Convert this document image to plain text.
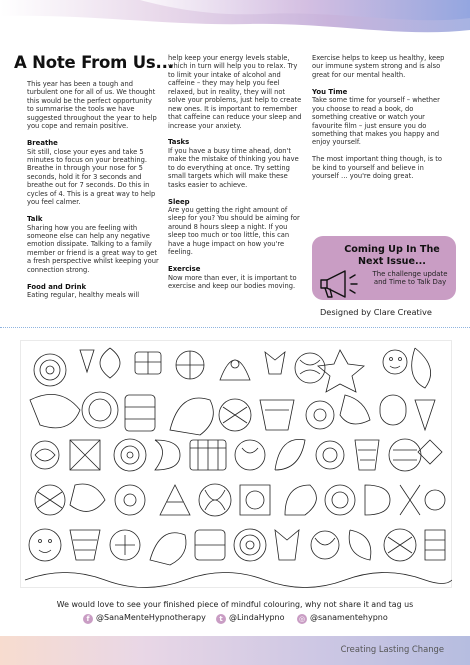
A Note From Us...

This year has been a tough and turbulent one for all of us. We thought this would be the perfect opportunity to summarise the tools we have suggested throughout the year to help you cope and remain positive.

Breathe

Sit still, close your eyes and take 5 minutes to focus on your breathing. Breathe in through your nose for 5 seconds, hold it for 3 seconds and breathe out for 7 seconds. Do this in cycles of 4. This is a great way to help you feel calmer.

Talk

Sharing how you are feeling with someone else can help any negative emotion dissipate. Talking to a family member or friend is a great way to get a fresh perspective whilst keeping your connection strong.

Food and Drink

Eating regular, healthy meals will

help keep your energy levels stable, which in turn will help you to relax. Try to limit your intake of alcohol and caffeine – they may help you feel relaxed, but in reality, they will not solve your problems, just help to create new ones. It is important to remember that caffeine can reduce your sleep and increase your anxiety.

Tasks

If you have a busy time ahead, don't make the mistake of thinking you have to do everything at once. Try setting small targets which will make these tasks easier to achieve.

Sleep

Are you getting the right amount of sleep for you? You should be aiming for around 8 hours sleep a night. If you sleep too much or too little, this can have a huge impact on how you're feeling.

Exercise

Now more than ever, it is important to exercise and keep our bodies moving.

Exercise helps to keep us healthy, keep our immune system strong and is also great for our mental health.

You Time

Take some time for yourself – whether you choose to read a book, do something creative or watch your favourite film – just ensure you do something that makes you happy and enjoy yourself.

The most important thing though, is to be kind to yourself and believe in yourself … you're doing great.

Coming Up In The Next Issue...
The challenge update and Time to Talk Day
Designed by Clare Creative
We would love to see your finished piece of mindful colouring, why not share it and tag us
f @SanaMenteHypnotherapy	t @LindaHypno ◎ @sanamentehypno
Creating Lasting Change
